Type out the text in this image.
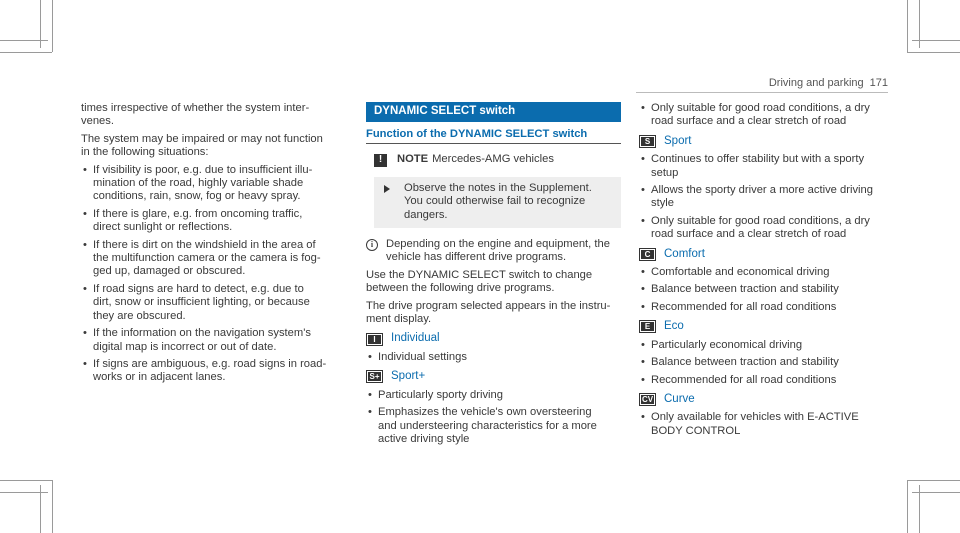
Driving and parking 171

times irrespective of whether the system inter-
venes.

The system may be impaired or may not function
in the following situations:

• If visibility is poor, e.g. due to insufficient illu-
mination of the road, highly variable shade
conditions, rain, snow, fog or heavy spray.
• If there is glare, e.g. from oncoming traffic,
direct sunlight or reflections.
• If there is dirt on the windshield in the area of
the multifunction camera or the camera is fog-
ged up, damaged or obscured.
• If road signs are hard to detect, e.g. due to
dirt, snow or insufficient lighting, or because
they are obscured.
• If the information on the navigation system's
digital map is incorrect or out of date.
• If signs are ambiguous, e.g. road signs in road-
works or in adjacent lanes.
DYNAMIC SELECT switch
Function of the DYNAMIC SELECT switch
!	NOTE Mercedes-AMG vehicles
Observe the notes in the Supplement.
You could otherwise fail to recognize
dangers.
i	Depending on the engine and equipment, the
vehicle has different drive programs.

Use the DYNAMIC SELECT switch to change
between the following drive programs.

The drive program selected appears in the instru-
ment display.

I	Individual
• Individual settings
S+ Sport+
• Particularly sporty driving
• Emphasizes the vehicle's own oversteering
and understeering characteristics for a more
active driving style
• Only suitable for good road conditions, a dry
road surface and a clear stretch of road
S	Sport
• Continues to offer stability but with a sporty
setup
• Allows the sporty driver a more active driving
style
• Only suitable for good road conditions, a dry
road surface and a clear stretch of road
C	Comfort
• Comfortable and economical driving
• Balance between traction and stability
• Recommended for all road conditions
E	Eco
• Particularly economical driving
• Balance between traction and stability
• Recommended for all road conditions
CV Curve
• Only available for vehicles with E-ACTIVE
BODY CONTROL
